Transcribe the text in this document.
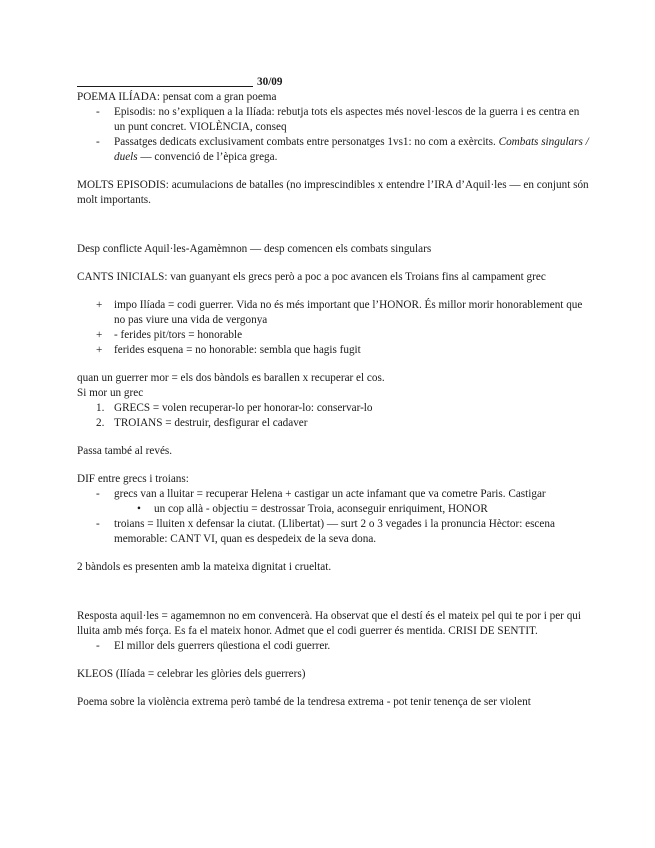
30/09

POEMA ILÍADA: pensat com a gran poema

- Episodis: no s’expliquen a la Ilíada: rebutja tots els aspectes més novel·lescos de la guerra i es centra en un punt concret. VIOLÈNCIA, conseq
- Passatges dedicats exclusivament combats entre personatges 1vs1: no com a exèrcits. Combats singulars / duels — convenció de l’èpica grega.

MOLTS EPISODIS: acumulacions de batalles (no imprescindibles x entendre l’IRA d’Aquil·les — en conjunt són molt importants.

Desp conflicte Aquil·les-Agamèmnon — desp comencen els combats singulars

CANTS INICIALS: van guanyant els grecs però a poc a poc avancen els Troians fins al campament grec

+ impo Ilíada = codi guerrer. Vida no és més important que l’HONOR. És millor morir honorablement que no pas viure una vida de vergonya
+ - ferides pit/tors = honorable
+ ferides esquena = no honorable: sembla que hagis fugit

quan un guerrer mor = els dos bàndols es barallen x recuperar el cos.

Si mor un grec

1. GRECS = volen recuperar-lo per honorar-lo: conservar-lo
2. TROIANS = destruir, desfigurar el cadaver

Passa també al revés.

DIF entre grecs i troians:

- grecs van a lluitar = recuperar Helena + castigar un acte infamant que va cometre Paris. Castigar
• un cop allà - objectiu = destrossar Troia, aconseguir enriquiment, HONOR
- troians = lluiten x defensar la ciutat. (Llibertat) — surt 2 o 3 vegades i la pronuncia Hèctor: escena memorable: CANT VI, quan es despedeix de la seva dona.

2 bàndols es presenten amb la mateixa dignitat i crueltat.

Resposta aquil·les = agamemnon no em convencerà. Ha observat que el destí és el mateix pel qui te por i per qui lluita amb més força. Es fa el mateix honor. Admet que el codi guerrer és mentida. CRISI DE SENTIT.

- El millor dels guerrers qüestiona el codi guerrer.

KLEOS (Ilíada = celebrar les glòries dels guerrers)

Poema sobre la violència extrema però també de la tendresa extrema - pot tenir tenença de ser violent
